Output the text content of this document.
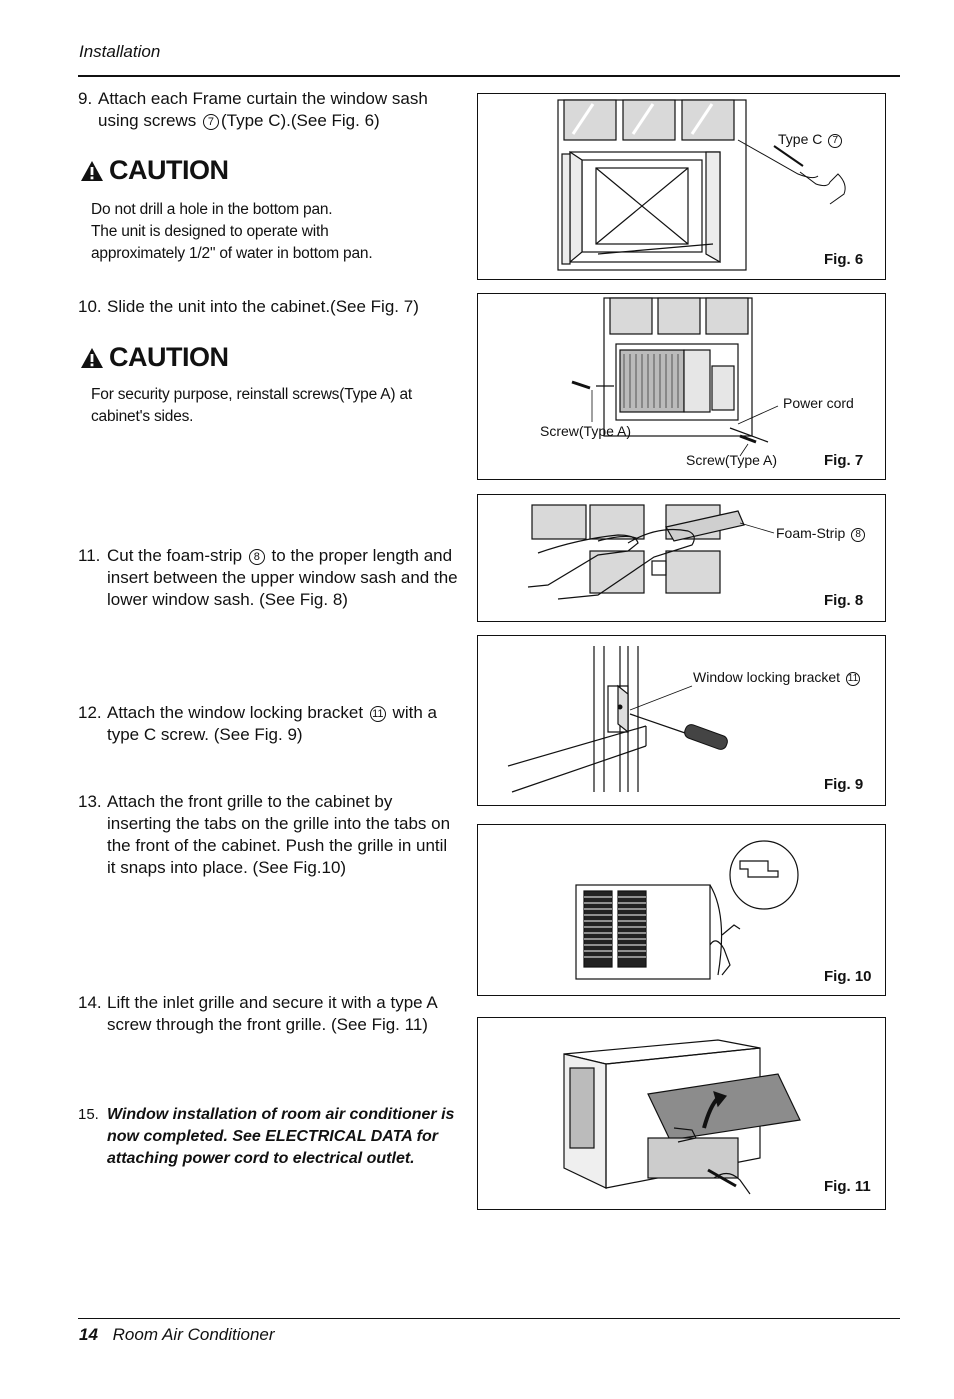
Installation
9. Attach each Frame curtain the window sash using screws 7 (Type C).(See Fig. 6)
CAUTION
Do not drill a hole in the bottom pan.
The unit is designed to operate with
approximately 1/2" of water in bottom pan.
10. Slide the unit into the cabinet.(See Fig. 7)
CAUTION
For security purpose, reinstall screws(Type A) at
cabinet's sides.
11. Cut the foam-strip 8 to the proper length and insert between the upper window sash and the lower window sash. (See Fig. 8)
12. Attach the window locking bracket 11 with a type C screw. (See Fig. 9)
13. Attach the front grille to the cabinet by inserting the tabs on the grille into the tabs on the front of the cabinet. Push the grille in until it snaps into place. (See Fig.10)
14. Lift the inlet grille and secure it with a type A screw through the front grille. (See Fig. 11)
15. Window installation of room air conditioner is now completed. See ELECTRICAL DATA for attaching power cord to electrical outlet.
Type C 7
Fig. 6
Power cord
Screw(Type A)
Screw(Type A)	Fig. 7
Foam-Strip 8
Fig. 8
Window locking bracket 11
Fig. 9
Fig. 10
Fig. 11
14 Room Air Conditioner
